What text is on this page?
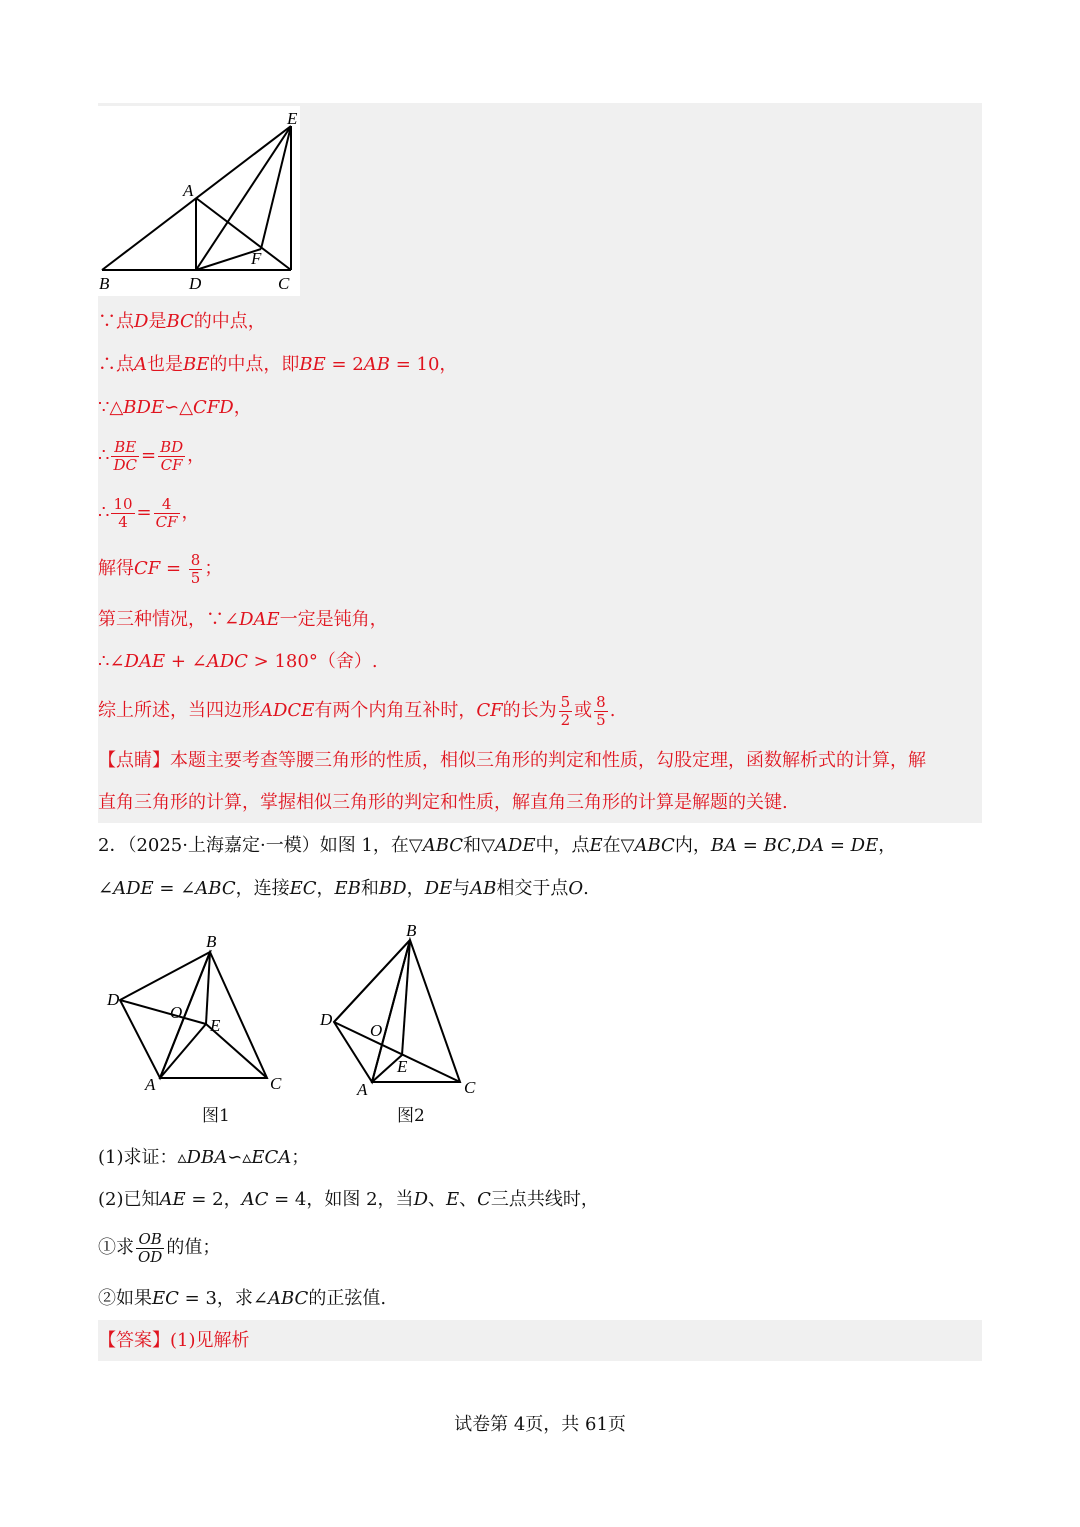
E
A
F
B	D	C
∵点D是BC的中点，
∴点A也是BE的中点，即BE = 2AB = 10，
∵△BDE∽△CFD，
∴ $\frac{BE}{DC} = \frac{BD}{CF}$ ，
∴ $\frac{10}{4} = \frac{4}{CF}$ ，
解得CF = $\frac{8}{5}$ ；
第三种情况，∵∠DAE一定是钝角，
∴∠DAE + ∠ADC > 180°（舍）.
综上所述，当四边形ADCE有两个内角互补时，CF的长为 $\frac{5}{2}$ 或 $\frac{8}{5}$ .
【点睛】本题主要考查等腰三角形的性质，相似三角形的判定和性质，勾股定理，函数解析式的计算，解
直角三角形的计算，掌握相似三角形的判定和性质，解直角三角形的计算是解题的关键.
2．（2025·上海嘉定·一模）如图 1，在▽ABC和▽ADE中，点E在▽ABC内，BA = BC,DA = DE，
∠ADE = ∠ABC，连接EC，EB和BD，DE与AB相交于点O.
B
D
O
E
A	C
图1
B
D
O
E
A	C
图2
(1)求证：▵DBA∽▵ECA；
(2)已知AE = 2，AC = 4，如图 2，当D、E、C三点共线时，
①求 $\frac{OB}{OD}$ 的值；
②如果EC = 3，求∠ABC的正弦值.
【答案】(1)见解析
试卷第 4页，共 61页
